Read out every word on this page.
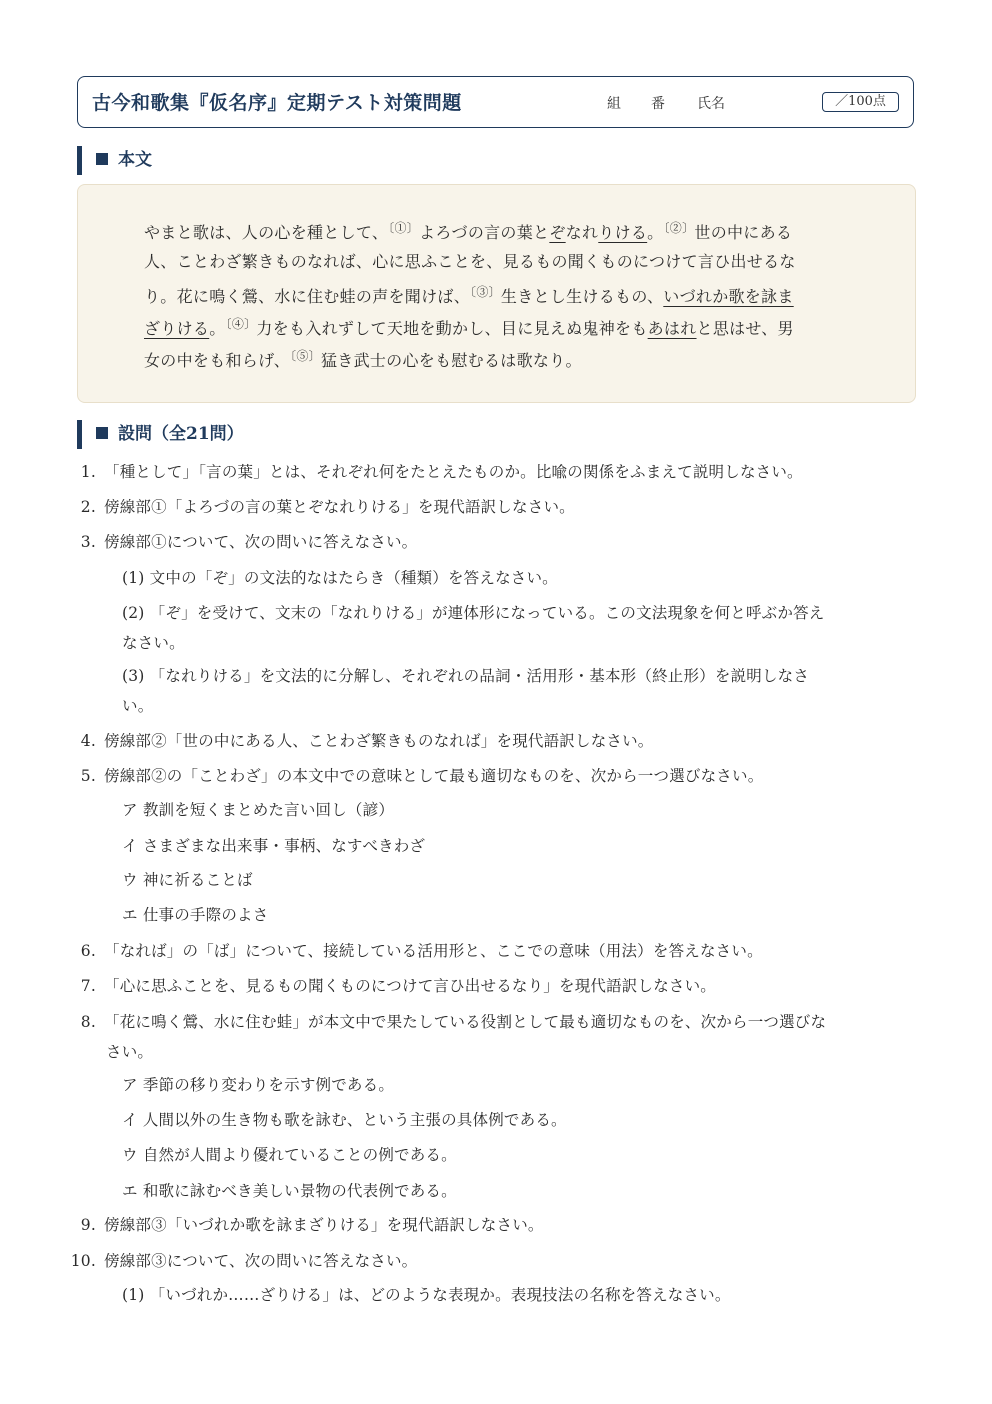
古今和歌集『仮名序』定期テスト対策問題	組 番 氏名	／100点
本文
やまと歌は、人の心を種として、〔①〕よろづの言の葉とぞなれりける。〔②〕世の中にある
人、ことわざ繁きものなれば、心に思ふことを、見るもの聞くものにつけて言ひ出せるな
り。花に鳴く鶯、水に住む蛙の声を聞けば、〔③〕生きとし生けるもの、いづれか歌を詠ま
ざりける。〔④〕力をも入れずして天地を動かし、目に見えぬ鬼神をもあはれと思はせ、男
女の中をも和らげ、〔⑤〕猛き武士の心をも慰むるは歌なり。
設問（全21問）
1. 「種として」「言の葉」とは、それぞれ何をたとえたものか。比喩の関係をふまえて説明しなさい。
2. 傍線部①「よろづの言の葉とぞなれりける」を現代語訳しなさい。
3. 傍線部①について、次の問いに答えなさい。
(1) 文中の「ぞ」の文法的なはたらき（種類）を答えなさい。
(2) 「ぞ」を受けて、文末の「なれりける」が連体形になっている。この文法現象を何と呼ぶか答え
なさい。
(3) 「なれりける」を文法的に分解し、それぞれの品詞・活用形・基本形（終止形）を説明しなさ
い。
4. 傍線部②「世の中にある人、ことわざ繁きものなれば」を現代語訳しなさい。
5. 傍線部②の「ことわざ」の本文中での意味として最も適切なものを、次から一つ選びなさい。
ア 教訓を短くまとめた言い回し（諺）
イ さまざまな出来事・事柄、なすべきわざ
ウ 神に祈ることば
エ 仕事の手際のよさ
6. 「なれば」の「ば」について、接続している活用形と、ここでの意味（用法）を答えなさい。
7. 「心に思ふことを、見るもの聞くものにつけて言ひ出せるなり」を現代語訳しなさい。
8. 「花に鳴く鶯、水に住む蛙」が本文中で果たしている役割として最も適切なものを、次から一つ選びな
さい。
ア 季節の移り変わりを示す例である。
イ 人間以外の生き物も歌を詠む、という主張の具体例である。
ウ 自然が人間より優れていることの例である。
エ 和歌に詠むべき美しい景物の代表例である。
9. 傍線部③「いづれか歌を詠まざりける」を現代語訳しなさい。
10. 傍線部③について、次の問いに答えなさい。
(1) 「いづれか……ざりける」は、どのような表現か。表現技法の名称を答えなさい。
